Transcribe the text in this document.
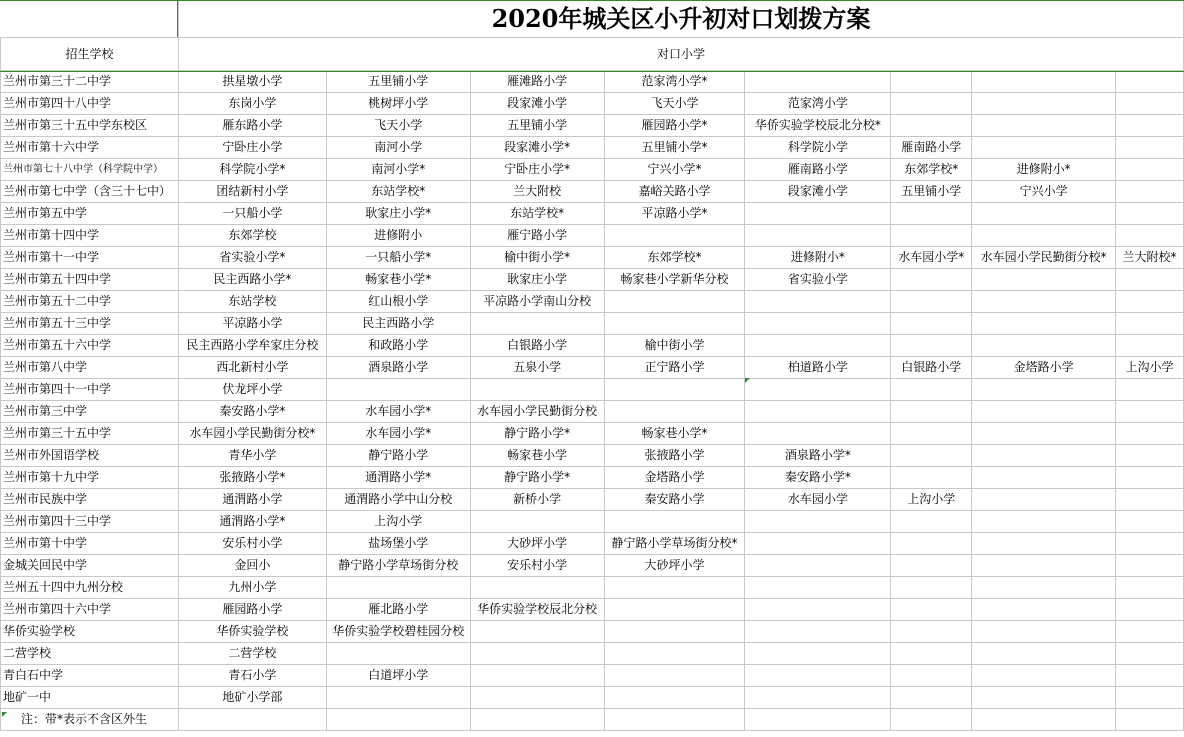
	2020年城关区小升初对口划拨方案							
招生学校	对口小学							
兰州市第三十二中学	拱星墩小学	五里铺小学	雁滩路小学	范家湾小学*				
兰州市第四十八中学	东岗小学	桃树坪小学	段家滩小学	飞天小学	范家湾小学			
兰州市第三十五中学东校区	雁东路小学	飞天小学	五里铺小学	雁园路小学*	华侨实验学校辰北分校*			
兰州市第十六中学	宁卧庄小学	南河小学	段家滩小学*	五里铺小学*	科学院小学	雁南路小学		
兰州市第七十八中学（科学院中学）	科学院小学*	南河小学*	宁卧庄小学*	宁兴小学*	雁南路小学	东郊学校*	进修附小*	
兰州市第七中学（含三十七中）	团结新村小学	东站学校*	兰大附校	嘉峪关路小学	段家滩小学	五里铺小学	宁兴小学	
兰州市第五中学	一只船小学	耿家庄小学*	东站学校*	平凉路小学*				
兰州市第十四中学	东郊学校	进修附小	雁宁路小学					
兰州市第十一中学	省实验小学*	一只船小学*	榆中街小学*	东郊学校*	进修附小*	水车园小学*	水车园小学民勤街分校*	兰大附校*
兰州市第五十四中学	民主西路小学*	畅家巷小学*	耿家庄小学	畅家巷小学新华分校	省实验小学			
兰州市第五十二中学	东站学校	红山根小学	平凉路小学南山分校					
兰州市第五十三中学	平凉路小学	民主西路小学						
兰州市第五十六中学	民主西路小学牟家庄分校	和政路小学	白银路小学	榆中街小学				
兰州市第八中学	西北新村小学	酒泉路小学	五泉小学	正宁路小学	柏道路小学	白银路小学	金塔路小学	上沟小学
兰州市第四十一中学	伏龙坪小学							
兰州市第三中学	秦安路小学*	水车园小学*	水车园小学民勤街分校					
兰州市第三十五中学	水车园小学民勤街分校*	水车园小学*	静宁路小学*	畅家巷小学*				
兰州市外国语学校	青华小学	静宁路小学	畅家巷小学	张掖路小学	酒泉路小学*			
兰州市第十九中学	张掖路小学*	通渭路小学*	静宁路小学*	金塔路小学	秦安路小学*			
兰州市民族中学	通渭路小学	通渭路小学中山分校	新桥小学	秦安路小学	水车园小学	上沟小学		
兰州市第四十三中学	通渭路小学*	上沟小学						
兰州市第十中学	安乐村小学	盐场堡小学	大砂坪小学	静宁路小学草场街分校*				
金城关回民中学	金回小	静宁路小学草场街分校	安乐村小学	大砂坪小学				
兰州五十四中九州分校	九州小学							
兰州市第四十六中学	雁园路小学	雁北路小学	华侨实验学校辰北分校					
华侨实验学校	华侨实验学校	华侨实验学校碧桂园分校						
二营学校	二营学校							
青白石中学	青石小学	白道坪小学						
地矿一中	地矿小学部							
注：带*表示不含区外生								
